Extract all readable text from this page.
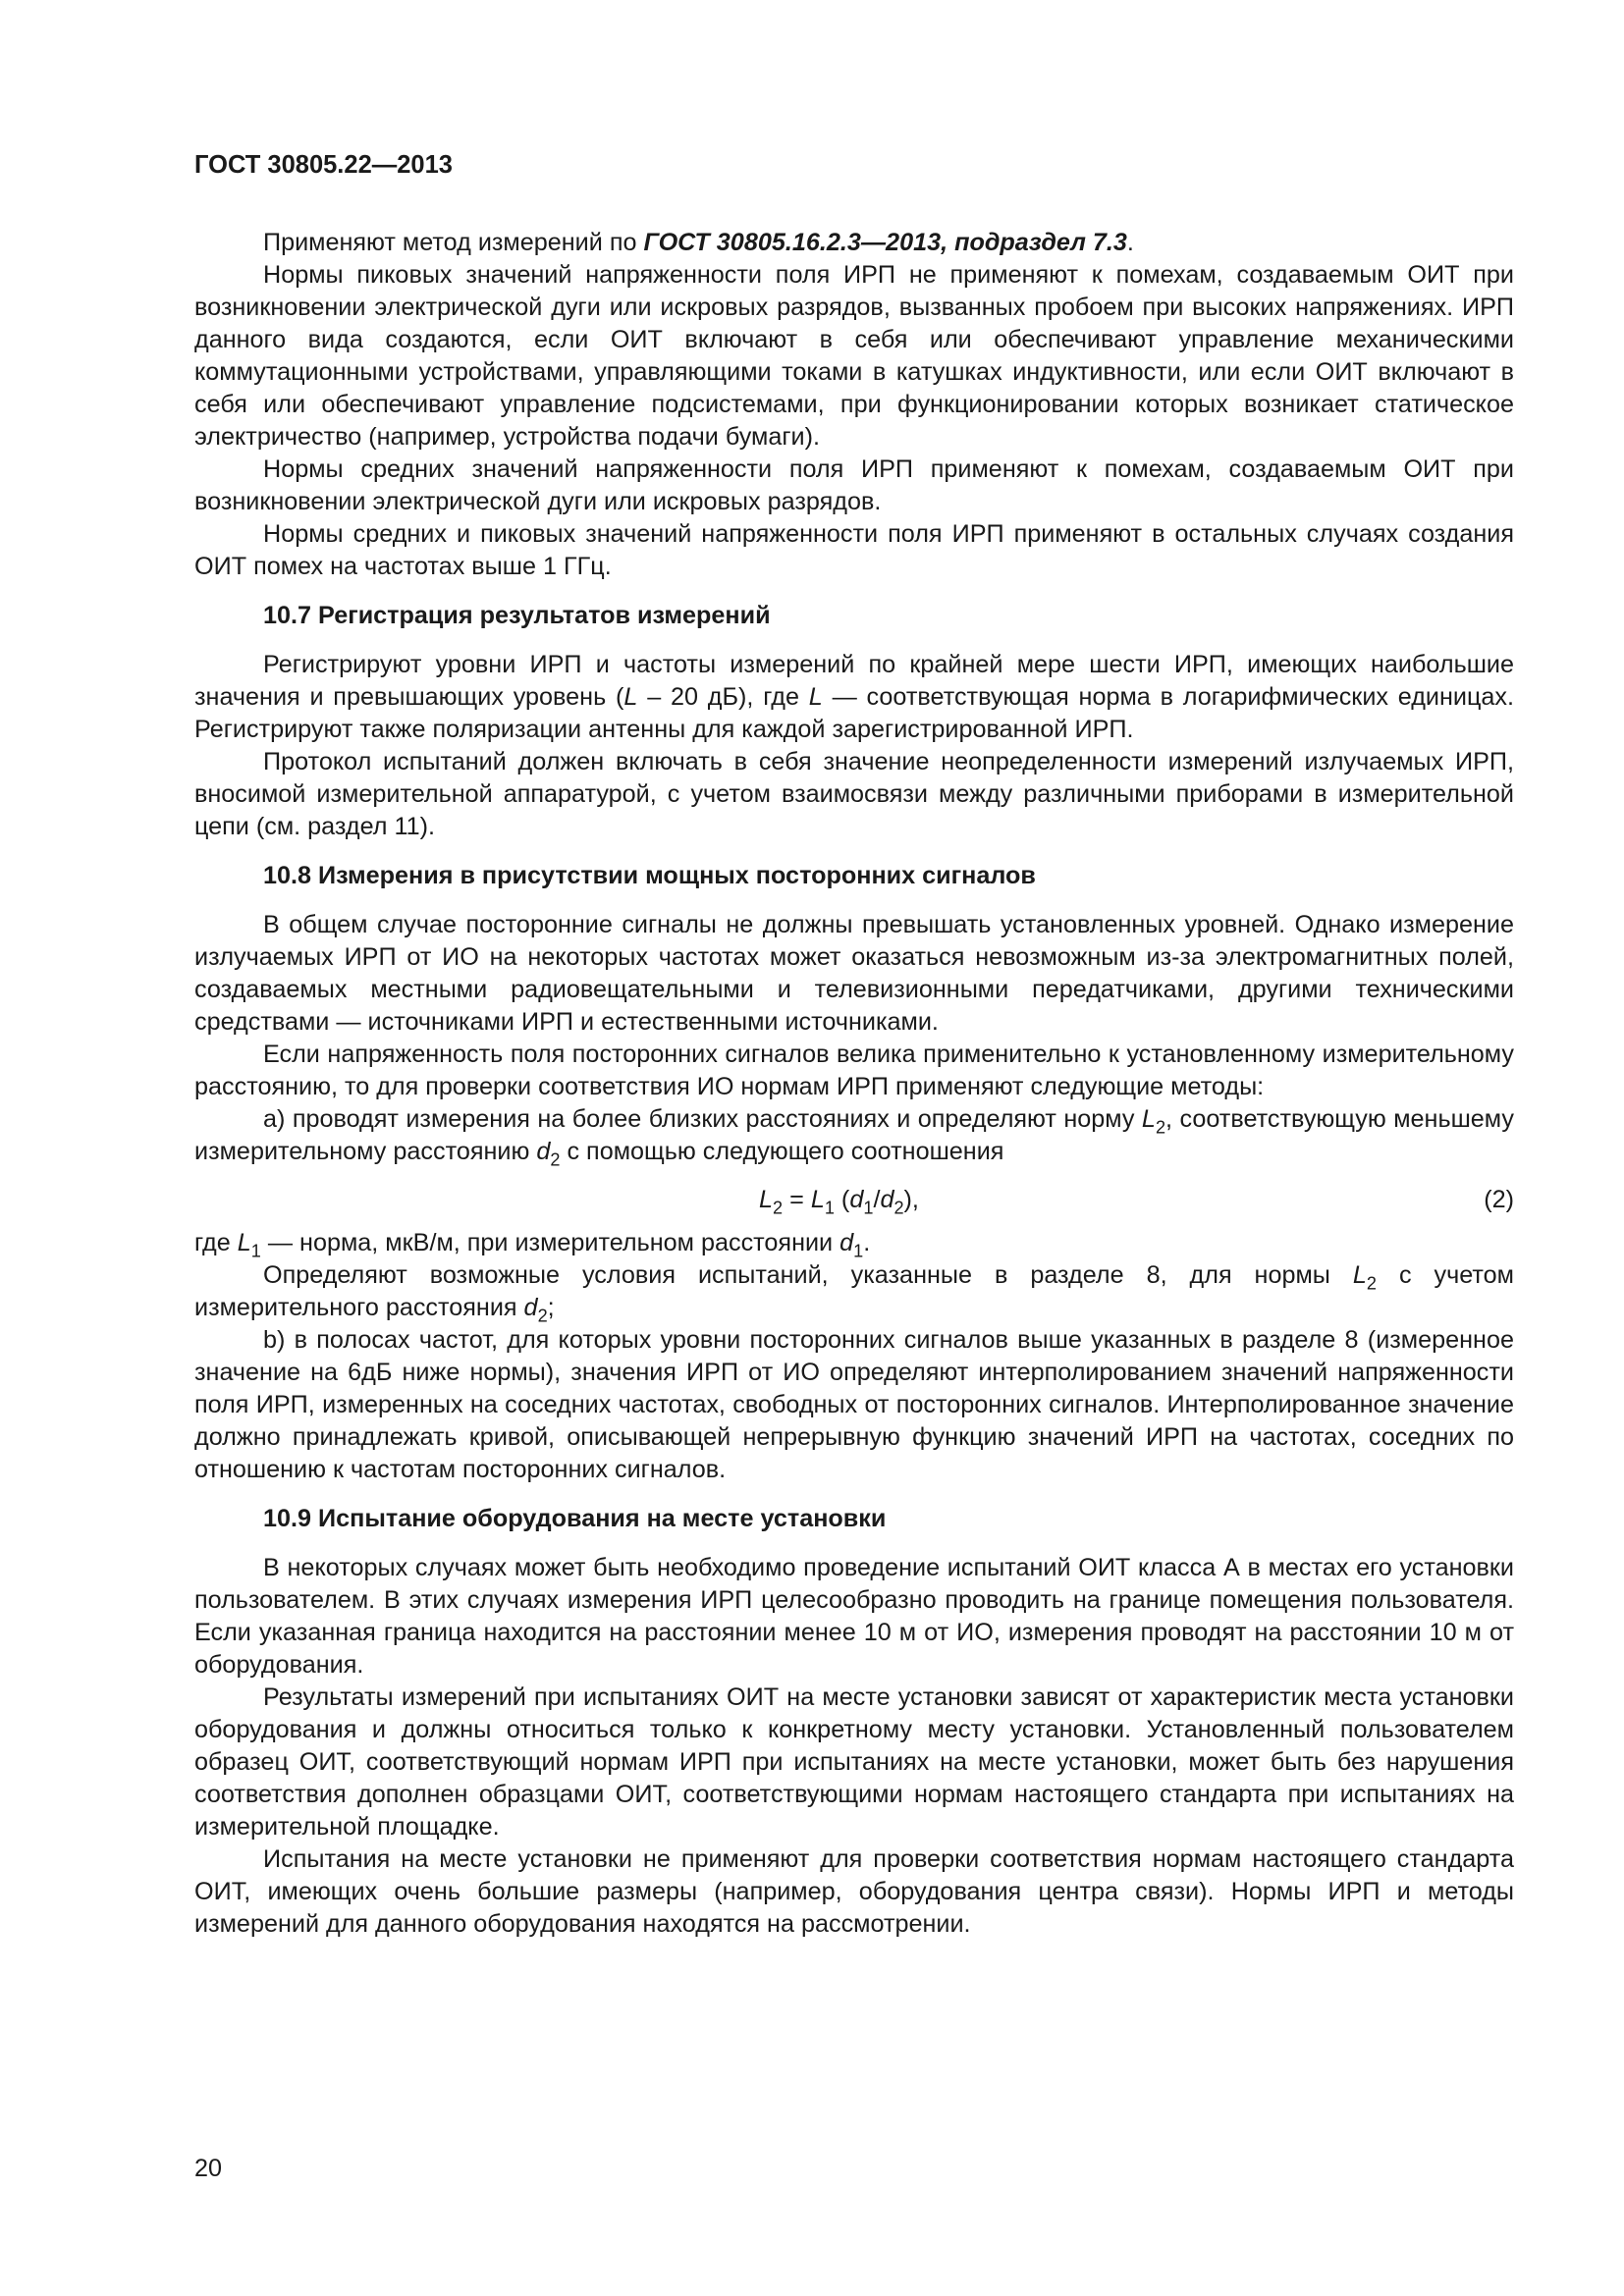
ГОСТ 30805.22—2013

Применяют метод измерений по ГОСТ 30805.16.2.3—2013, подраздел 7.3.

Нормы пиковых значений напряженности поля ИРП не применяют к помехам, создаваемым ОИТ при возникновении электрической дуги или искровых разрядов, вызванных пробоем при высоких напряжениях. ИРП данного вида создаются, если ОИТ включают в себя или обеспечивают управление механическими коммутационными устройствами, управляющими токами в катушках индуктивности, или если ОИТ включают в себя или обеспечивают управление подсистемами, при функционировании которых возникает статическое электричество (например, устройства подачи бумаги).

Нормы средних значений напряженности поля ИРП применяют к помехам, создаваемым ОИТ при возникновении электрической дуги или искровых разрядов.

Нормы средних и пиковых значений напряженности поля ИРП применяют в остальных случаях создания ОИТ помех на частотах выше 1 ГГц.

10.7 Регистрация результатов измерений

Регистрируют уровни ИРП и частоты измерений по крайней мере шести ИРП, имеющих наибольшие значения и превышающих уровень (L – 20 дБ), где L — соответствующая норма в логарифмических единицах. Регистрируют также поляризации антенны для каждой зарегистрированной ИРП.

Протокол испытаний должен включать в себя значение неопределенности измерений излучаемых ИРП, вносимой измерительной аппаратурой, с учетом взаимосвязи между различными приборами в измерительной цепи (см. раздел 11).

10.8 Измерения в присутствии мощных посторонних сигналов

В общем случае посторонние сигналы не должны превышать установленных уровней. Однако измерение излучаемых ИРП от ИО на некоторых частотах может оказаться невозможным из-за электромагнитных полей, создаваемых местными радиовещательными и телевизионными передатчиками, другими техническими средствами — источниками ИРП и естественными источниками.

Если напряженность поля посторонних сигналов велика применительно к установленному измерительному расстоянию, то для проверки соответствия ИО нормам ИРП применяют следующие методы:

а) проводят измерения на более близких расстояниях и определяют норму $L_2$, соответствующую меньшему измерительному расстоянию $d_2$ с помощью следующего соотношения

$L_2 = L_1$ $(d_1/d_2)$,	(2)

где $L_1$ — норма, мкВ/м, при измерительном расстоянии $d_1$.

Определяют возможные условия испытаний, указанные в разделе 8, для нормы $L_2$ с учетом измерительного расстояния $d_2$;

b) в полосах частот, для которых уровни посторонних сигналов выше указанных в разделе 8 (измеренное значение на 6дБ ниже нормы), значения ИРП от ИО определяют интерполированием значений напряженности поля ИРП, измеренных на соседних частотах, свободных от посторонних сигналов. Интерполированное значение должно принадлежать кривой, описывающей непрерывную функцию значений ИРП на частотах, соседних по отношению к частотам посторонних сигналов.

10.9 Испытание оборудования на месте установки

В некоторых случаях может быть необходимо проведение испытаний ОИТ класса А в местах его установки пользователем. В этих случаях измерения ИРП целесообразно проводить на границе помещения пользователя. Если указанная граница находится на расстоянии менее 10 м от ИО, измерения проводят на расстоянии 10 м от оборудования.

Результаты измерений при испытаниях ОИТ на месте установки зависят от характеристик места установки оборудования и должны относиться только к конкретному месту установки. Установленный пользователем образец ОИТ, соответствующий нормам ИРП при испытаниях на месте установки, может быть без нарушения соответствия дополнен образцами ОИТ, соответствующими нормам настоящего стандарта при испытаниях на измерительной площадке.

Испытания на месте установки не применяют для проверки соответствия нормам настоящего стандарта ОИТ, имеющих очень большие размеры (например, оборудования центра связи). Нормы ИРП и методы измерений для данного оборудования находятся на рассмотрении.

20
